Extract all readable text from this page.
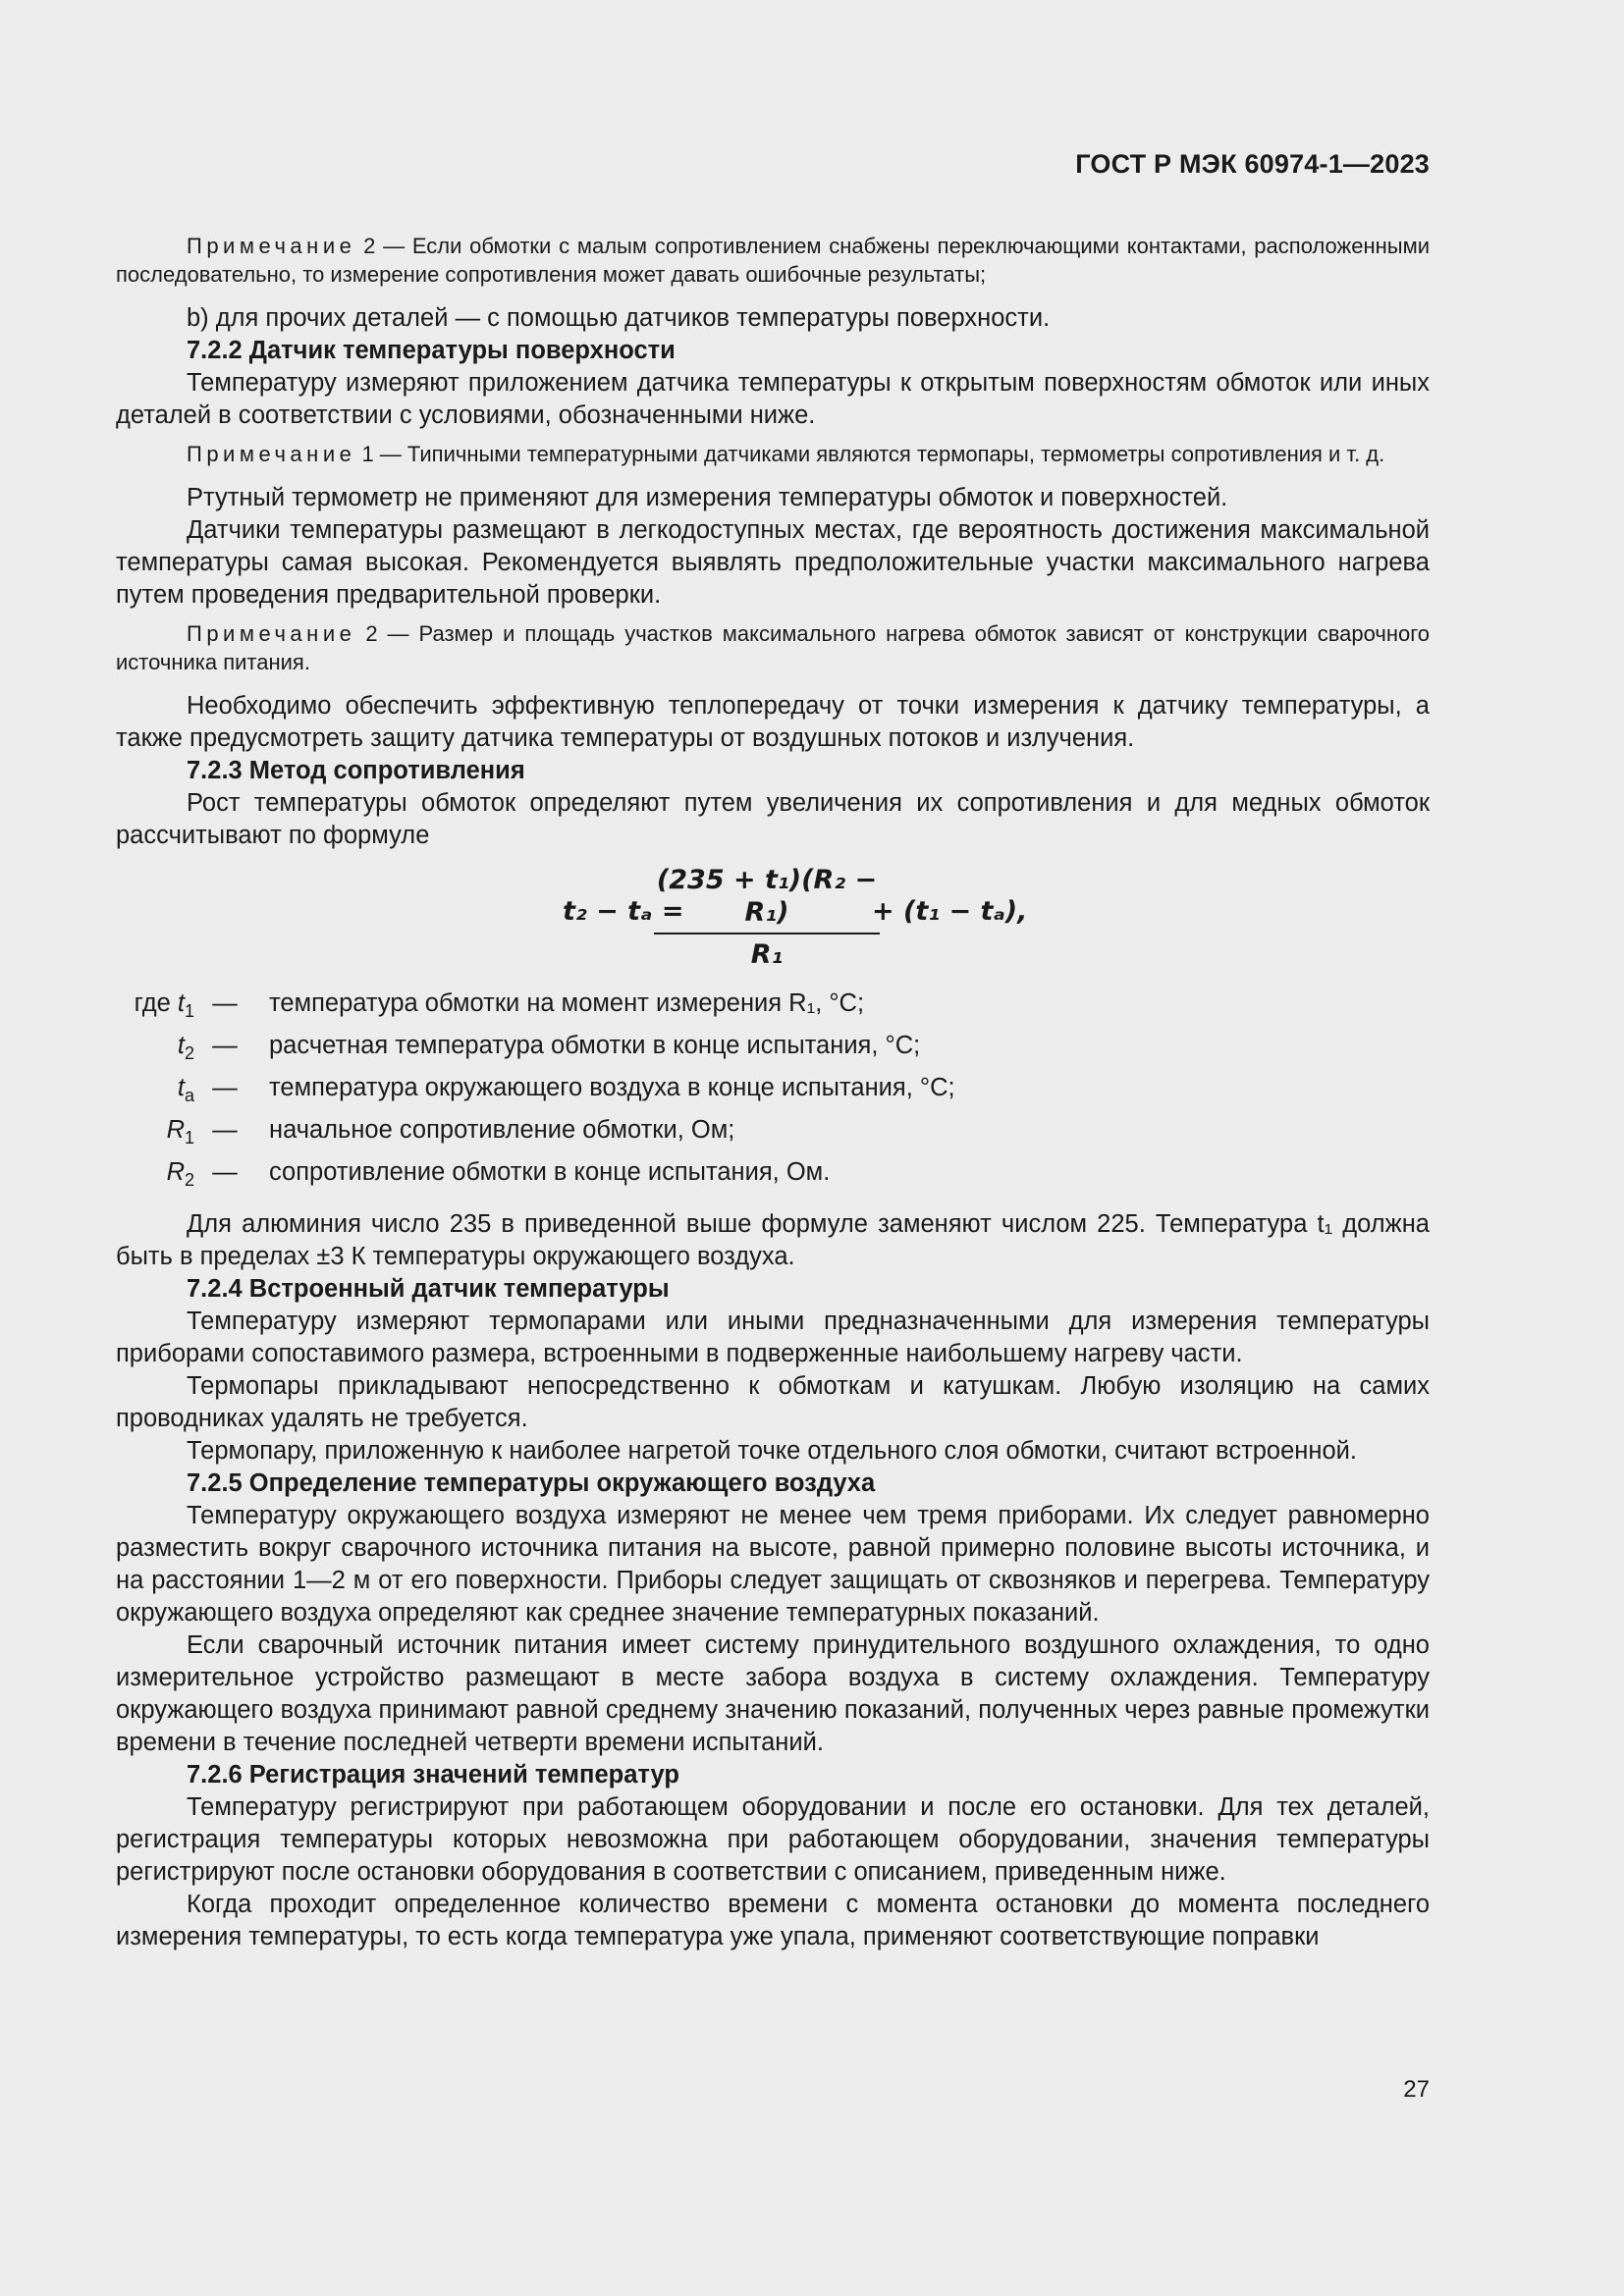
ГОСТ Р МЭК 60974-1—2023

Примечание 2 — Если обмотки с малым сопротивлением снабжены переключающими контактами, расположенными последовательно, то измерение сопротивления может давать ошибочные результаты;

b) для прочих деталей — с помощью датчиков температуры поверхности.

7.2.2 Датчик температуры поверхности

Температуру измеряют приложением датчика температуры к открытым поверхностям обмоток или иных деталей в соответствии с условиями, обозначенными ниже.

Примечание 1 — Типичными температурными датчиками являются термопары, термометры сопротивления и т. д.

Ртутный термометр не применяют для измерения температуры обмоток и поверхностей.

Датчики температуры размещают в легкодоступных местах, где вероятность достижения максимальной температуры самая высокая. Рекомендуется выявлять предположительные участки максимального нагрева путем проведения предварительной проверки.

Примечание 2 — Размер и площадь участков максимального нагрева обмоток зависят от конструкции сварочного источника питания.

Необходимо обеспечить эффективную теплопередачу от точки измерения к датчику температуры, а также предусмотреть защиту датчика температуры от воздушных потоков и излучения.

7.2.3 Метод сопротивления

Рост температуры обмоток определяют путем увеличения их сопротивления и для медных обмоток рассчитывают по формуле

t₂ − tₐ =
$\frac{\text{(235 + t₁)(R₂ − R₁)}}{\text{R₁}}$
+ (t₁ − tₐ),
где $t_1$ —	температура обмотки на момент измерения R₁, °C;
$t_2$ —	расчетная температура обмотки в конце испытания, °C;
$t_a$ —	температура окружающего воздуха в конце испытания, °C;
$R_1$ —	начальное сопротивление обмотки, Ом;
$R_2$ —	сопротивление обмотки в конце испытания, Ом.

Для алюминия число 235 в приведенной выше формуле заменяют числом 225. Температура t₁ должна быть в пределах ±3 К температуры окружающего воздуха.

7.2.4 Встроенный датчик температуры

Температуру измеряют термопарами или иными предназначенными для измерения температуры приборами сопоставимого размера, встроенными в подверженные наибольшему нагреву части.

Термопары прикладывают непосредственно к обмоткам и катушкам. Любую изоляцию на самих проводниках удалять не требуется.

Термопару, приложенную к наиболее нагретой точке отдельного слоя обмотки, считают встроенной.

7.2.5 Определение температуры окружающего воздуха

Температуру окружающего воздуха измеряют не менее чем тремя приборами. Их следует равномерно разместить вокруг сварочного источника питания на высоте, равной примерно половине высоты источника, и на расстоянии 1—2 м от его поверхности. Приборы следует защищать от сквозняков и перегрева. Температуру окружающего воздуха определяют как среднее значение температурных показаний.

Если сварочный источник питания имеет систему принудительного воздушного охлаждения, то одно измерительное устройство размещают в месте забора воздуха в систему охлаждения. Температуру окружающего воздуха принимают равной среднему значению показаний, полученных через равные промежутки времени в течение последней четверти времени испытаний.

7.2.6 Регистрация значений температур

Температуру регистрируют при работающем оборудовании и после его остановки. Для тех деталей, регистрация температуры которых невозможна при работающем оборудовании, значения температуры регистрируют после остановки оборудования в соответствии с описанием, приведенным ниже.

Когда проходит определенное количество времени с момента остановки до момента последнего измерения температуры, то есть когда температура уже упала, применяют соответствующие поправки

27
